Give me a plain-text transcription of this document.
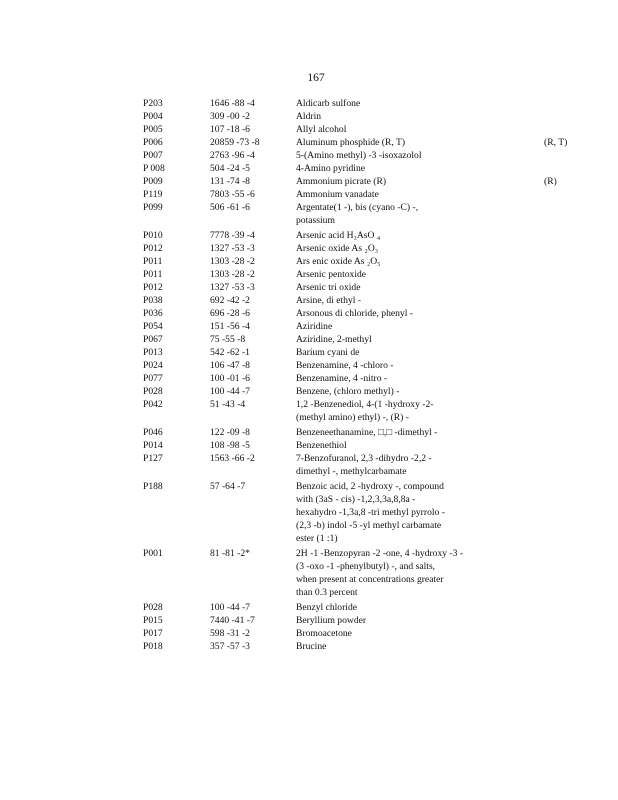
167
P203	1646 -88 -4	Aldicarb sulfone	

P004	309 -00 -2	Aldrin	

P005	107 -18 -6	Allyl alcohol	

P006	20859 -73 -8	Aluminum phosphide (R, T)	(R, T)
P007	2763 -96 -4	5-(Amino methyl) -3 -isoxazolol	

P 008	504 -24 -5	4-Amino pyridine	

P009	131 -74 -8	Ammonium picrate (R)	(R)
P119	7803 -55 -6	Ammonium vanadate	

P099	506 -61 -6	Argentate(1 -), bis (cyano -C) -,
potassium	

P010	7778 -39 -4	Arsenic acid H₃AsO ₄	

P012	1327 -53 -3	Arsenic oxide As ₂O₃	

P011	1303 -28 -2	Ars enic oxide As ₂O₅	

P011	1303 -28 -2	Arsenic pentoxide	

P012	1327 -53 -3	Arsenic tri oxide	

P038	692 -42 -2	Arsine, di ethyl -	

P036	696 -28 -6	Arsonous di chloride, phenyl -	

P054	151 -56 -4	Aziridine	

P067	75 -55 -8	Aziridine, 2-methyl	

P013	542 -62 -1	Barium cyani de	

P024	106 -47 -8	Benzenamine, 4 -chloro -	

P077	100 -01 -6	Benzenamine, 4 -nitro -	

P028	100 -44 -7	Benzene, (chloro methyl) -	

P042	51 -43 -4	1,2 -Benzenediol, 4-(1 -hydroxy -2-
(methyl amino) ethyl) -, (R) -	

P046	122 -09 -8	Benzeneethanamine, □,□ -dimethyl -	

P014	108 -98 -5	Benzenethiol	

P127	1563 -66 -2	7-Benzofuranol, 2,3 -dihydro -2,2 -
dimethyl -, methylcarbamate	

P188	57 -64 -7	Benzoic acid, 2 -hydroxy -, compound
with (3aS - cis) -1,2,3,3a,8,8a -
hexahydro -1,3a,8 -tri methyl pyrrolo -
(2,3 -b) indol -5 -yl methyl carbamate
ester (1 :1)	

P001	81 -81 -2*	2H -1 -Benzopyran -2 -one, 4 -hydroxy -3 -
(3 -oxo -1 -phenylbutyl) -, and salts,
when present at concentrations greater
than 0.3 percent	

P028	100 -44 -7	Benzyl chloride	

P015	7440 -41 -7	Beryllium powder	

P017	598 -31 -2	Bromoacetone	

P018	357 -57 -3	Brucine	
